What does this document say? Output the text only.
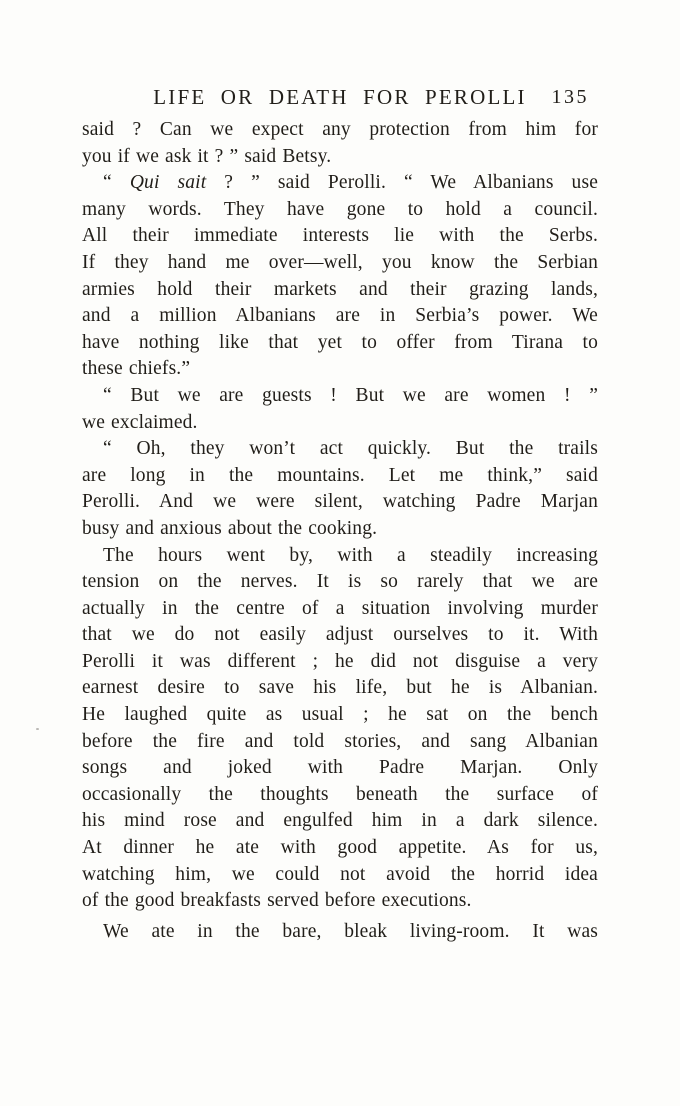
LIFE OR DEATH FOR PEROLLI	135
said ? Can we expect any protection from him for
you if we ask it ? ” said Betsy.
“ Qui sait ? ” said Perolli. “ We Albanians use
many words. They have gone to hold a council.
All their immediate interests lie with the Serbs.
If they hand me over—well, you know the Serbian
armies hold their markets and their grazing lands,
and a million Albanians are in Serbia’s power. We
have nothing like that yet to offer from Tirana to
these chiefs.”
“ But we are guests ! But we are women ! ”
we exclaimed.
“ Oh, they won’t act quickly. But the trails
are long in the mountains. Let me think,” said
Perolli. And we were silent, watching Padre Marjan
busy and anxious about the cooking.
The hours went by, with a steadily increasing
tension on the nerves. It is so rarely that we are
actually in the centre of a situation involving murder
that we do not easily adjust ourselves to it. With
Perolli it was different ; he did not disguise a very
earnest desire to save his life, but he is Albanian.
He laughed quite as usual ; he sat on the bench
before the fire and told stories, and sang Albanian
songs and joked with Padre Marjan. Only
occasionally the thoughts beneath the surface of
his mind rose and engulfed him in a dark silence.
At dinner he ate with good appetite. As for us,
watching him, we could not avoid the horrid idea
of the good breakfasts served before executions.
We ate in the bare, bleak living-room. It was
